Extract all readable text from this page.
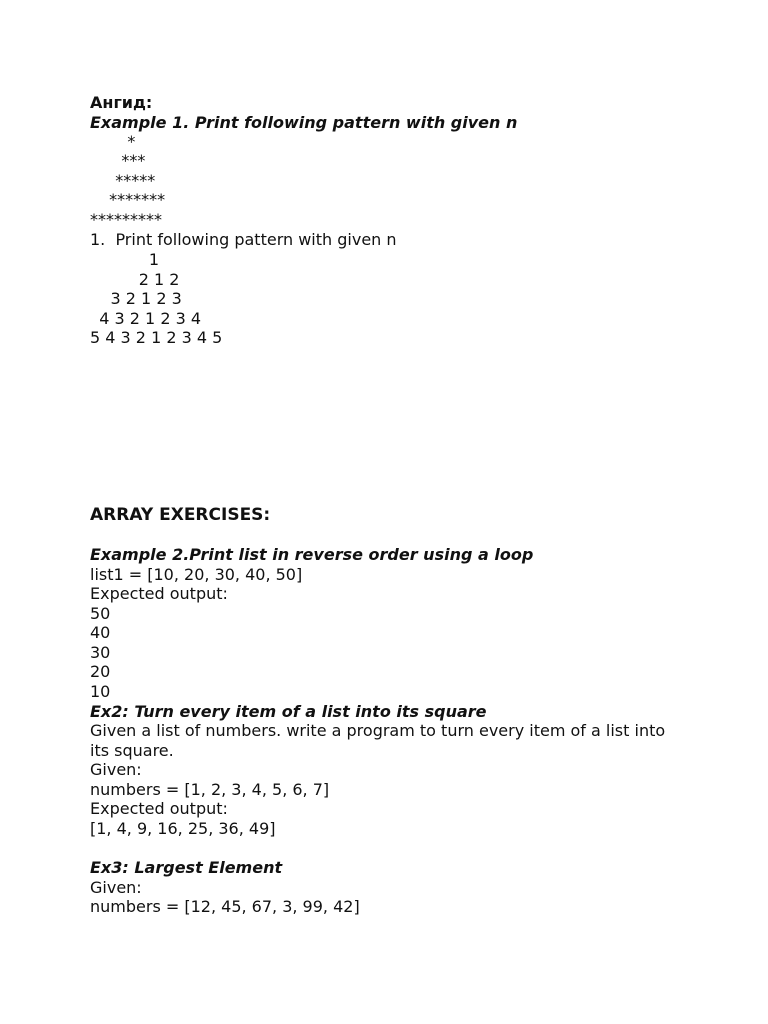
Ангид:

Example 1. Print following pattern with given n

*

***

*****

*******

*********

1.  Print following pattern with given n

1

2 1 2

3 2 1 2 3

4 3 2 1 2 3 4

5 4 3 2 1 2 3 4 5

ARRAY EXERCISES:

Example 2.Print list in reverse order using a loop

list1 = [10, 20, 30, 40, 50]

Expected output:

50

40

30

20

10

Ex2: Turn every item of a list into its square

Given a list of numbers. write a program to turn every item of a list into

its square.

Given:

numbers = [1, 2, 3, 4, 5, 6, 7]

Expected output:

[1, 4, 9, 16, 25, 36, 49]

Ex3: Largest Element

Given:

numbers = [12, 45, 67, 3, 99, 42]
